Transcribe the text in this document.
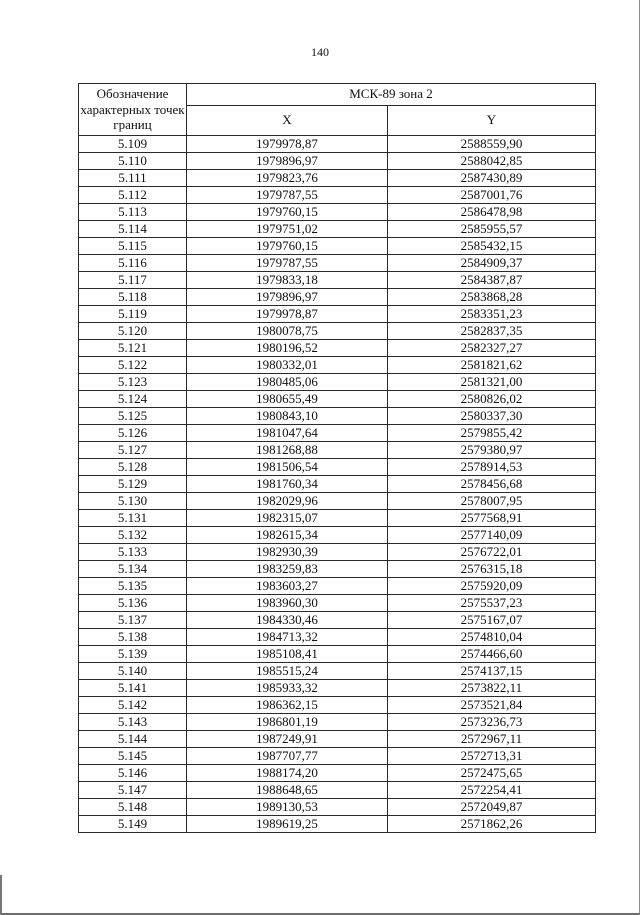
140
Обозначение характерных точек границ	МСК-89 зона 2	
	X	Y
5.109	1979978,87	2588559,90
5.110	1979896,97	2588042,85
5.111	1979823,76	2587430,89
5.112	1979787,55	2587001,76
5.113	1979760,15	2586478,98
5.114	1979751,02	2585955,57
5.115	1979760,15	2585432,15
5.116	1979787,55	2584909,37
5.117	1979833,18	2584387,87
5.118	1979896,97	2583868,28
5.119	1979978,87	2583351,23
5.120	1980078,75	2582837,35
5.121	1980196,52	2582327,27
5.122	1980332,01	2581821,62
5.123	1980485,06	2581321,00
5.124	1980655,49	2580826,02
5.125	1980843,10	2580337,30
5.126	1981047,64	2579855,42
5.127	1981268,88	2579380,97
5.128	1981506,54	2578914,53
5.129	1981760,34	2578456,68
5.130	1982029,96	2578007,95
5.131	1982315,07	2577568,91
5.132	1982615,34	2577140,09
5.133	1982930,39	2576722,01
5.134	1983259,83	2576315,18
5.135	1983603,27	2575920,09
5.136	1983960,30	2575537,23
5.137	1984330,46	2575167,07
5.138	1984713,32	2574810,04
5.139	1985108,41	2574466,60
5.140	1985515,24	2574137,15
5.141	1985933,32	2573822,11
5.142	1986362,15	2573521,84
5.143	1986801,19	2573236,73
5.144	1987249,91	2572967,11
5.145	1987707,77	2572713,31
5.146	1988174,20	2572475,65
5.147	1988648,65	2572254,41
5.148	1989130,53	2572049,87
5.149	1989619,25	2571862,26
